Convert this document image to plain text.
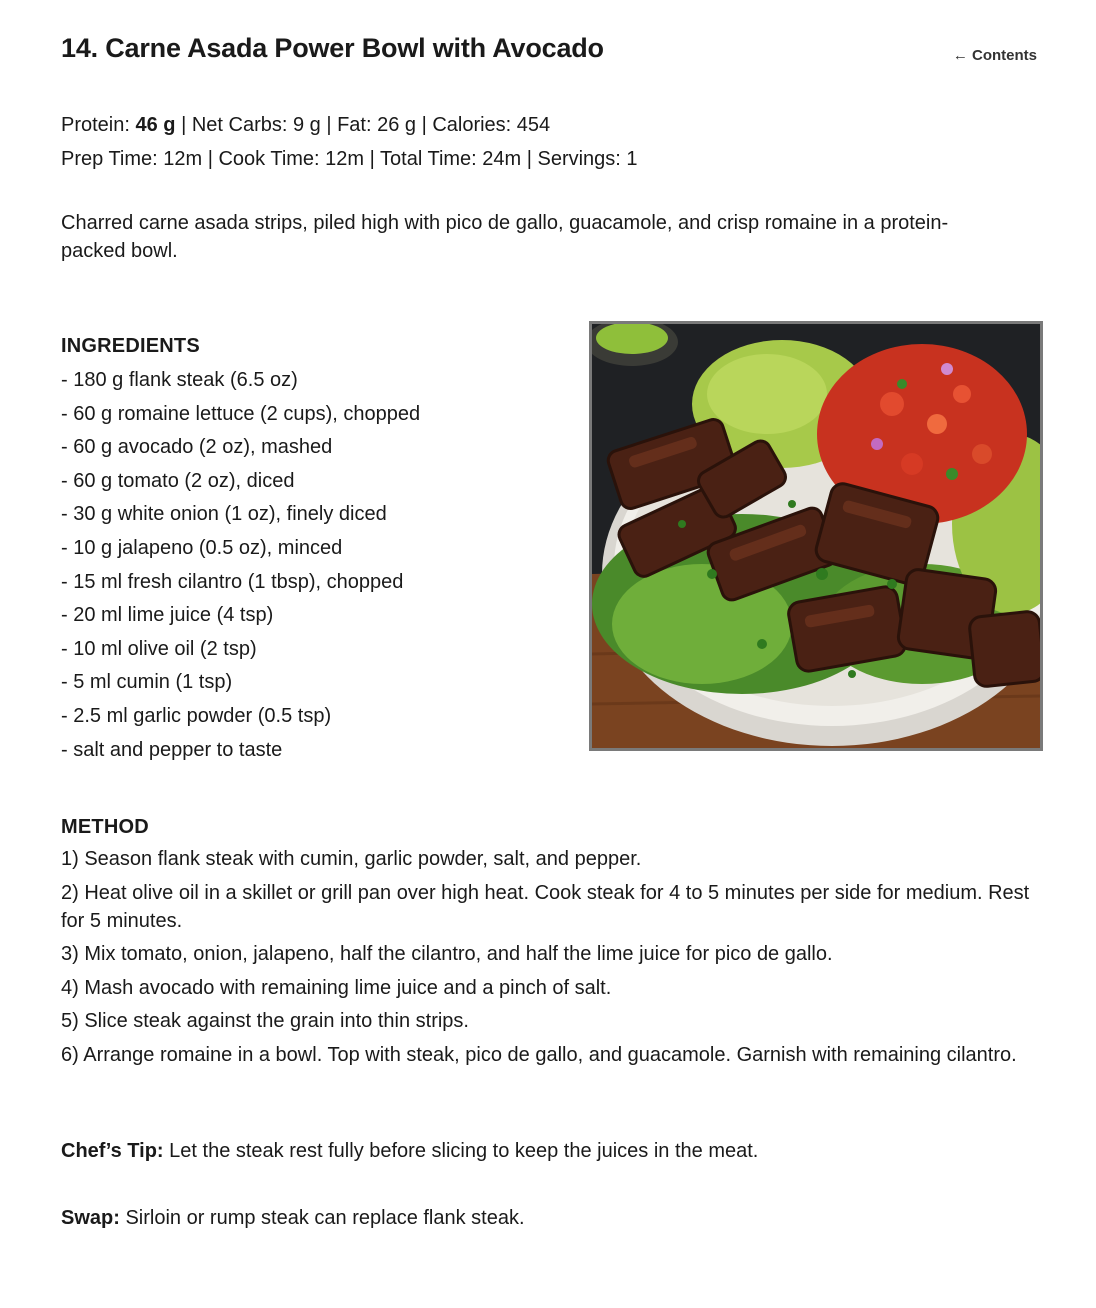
14. Carne Asada Power Bowl with Avocado	← Contents
Protein: 46 g | Net Carbs: 9 g | Fat: 26 g | Calories: 454
Prep Time: 12m | Cook Time: 12m | Total Time: 24m | Servings: 1

Charred carne asada strips, piled high with pico de gallo, guacamole, and crisp romaine in a protein-packed bowl.

INGREDIENTS
- 180 g flank steak (6.5 oz)
- 60 g romaine lettuce (2 cups), chopped
- 60 g avocado (2 oz), mashed
- 60 g tomato (2 oz), diced
- 30 g white onion (1 oz), finely diced
- 10 g jalapeno (0.5 oz), minced
- 15 ml fresh cilantro (1 tbsp), chopped
- 20 ml lime juice (4 tsp)
- 10 ml olive oil (2 tsp)
- 5 ml cumin (1 tsp)
- 2.5 ml garlic powder (0.5 tsp)
- salt and pepper to taste
METHOD
1) Season flank steak with cumin, garlic powder, salt, and pepper.
2) Heat olive oil in a skillet or grill pan over high heat. Cook steak for 4 to 5 minutes per side for medium. Rest for 5 minutes.
3) Mix tomato, onion, jalapeno, half the cilantro, and half the lime juice for pico de gallo.
4) Mash avocado with remaining lime juice and a pinch of salt.
5) Slice steak against the grain into thin strips.
6) Arrange romaine in a bowl. Top with steak, pico de gallo, and guacamole. Garnish with remaining cilantro.
Chef’s Tip: Let the steak rest fully before slicing to keep the juices in the meat.
Swap: Sirloin or rump steak can replace flank steak.
